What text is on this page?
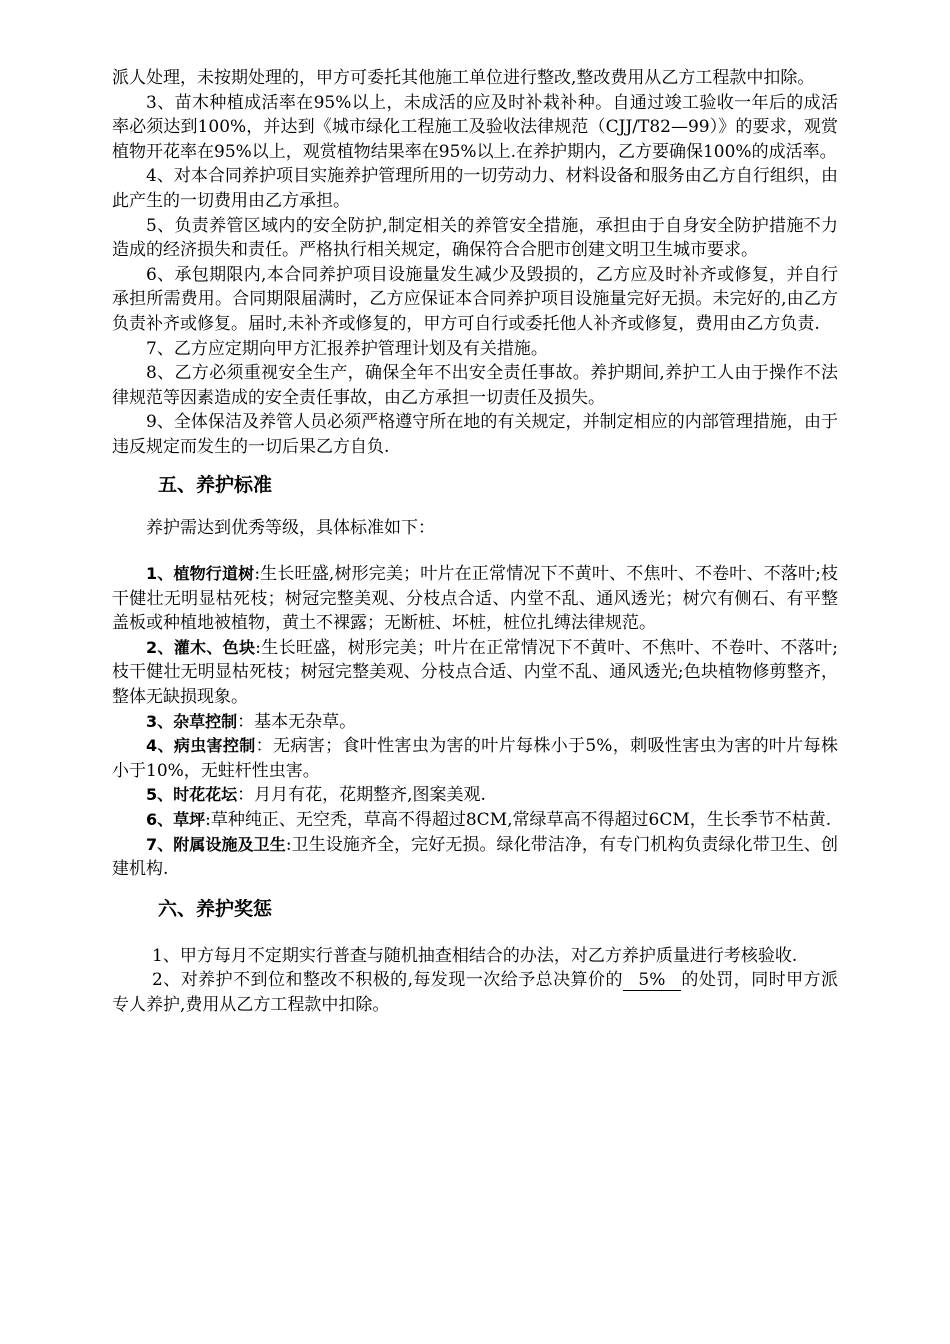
派人处理，未按期处理的，甲方可委托其他施工单位进行整改,整改费用从乙方工程款中扣除。

3、苗木种植成活率在95%以上，未成活的应及时补栽补种。自通过竣工验收一年后的成活率必须达到100%，并达到《城市绿化工程施工及验收法律规范（CJJ/T82—99）》的要求，观赏植物开花率在95%以上，观赏植物结果率在95%以上.在养护期内，乙方要确保100%的成活率。

4、对本合同养护项目实施养护管理所用的一切劳动力、材料设备和服务由乙方自行组织，由此产生的一切费用由乙方承担。

5、负责养管区域内的安全防护,制定相关的养管安全措施，承担由于自身安全防护措施不力造成的经济损失和责任。严格执行相关规定，确保符合合肥市创建文明卫生城市要求。

6、承包期限内,本合同养护项目设施量发生减少及毁损的，乙方应及时补齐或修复，并自行承担所需费用。合同期限届满时，乙方应保证本合同养护项目设施量完好无损。未完好的,由乙方负责补齐或修复。届时,未补齐或修复的，甲方可自行或委托他人补齐或修复，费用由乙方负责.

7、乙方应定期向甲方汇报养护管理计划及有关措施。

8、乙方必须重视安全生产，确保全年不出安全责任事故。养护期间,养护工人由于操作不法律规范等因素造成的安全责任事故，由乙方承担一切责任及损失。

9、全体保洁及养管人员必须严格遵守所在地的有关规定，并制定相应的内部管理措施，由于违反规定而发生的一切后果乙方自负.

五、养护标准

养护需达到优秀等级，具体标准如下：

1、植物行道树:生长旺盛,树形完美；叶片在正常情况下不黄叶、不焦叶、不卷叶、不落叶;枝干健壮无明显枯死枝；树冠完整美观、分枝点合适、内堂不乱、通风透光；树穴有侧石、有平整盖板或种植地被植物，黄土不裸露；无断桩、坏桩，桩位扎缚法律规范。

2、灌木、色块:生长旺盛，树形完美；叶片在正常情况下不黄叶、不焦叶、不卷叶、不落叶;枝干健壮无明显枯死枝；树冠完整美观、分枝点合适、内堂不乱、通风透光;色块植物修剪整齐，整体无缺损现象。

3、杂草控制：基本无杂草。

4、病虫害控制：无病害；食叶性害虫为害的叶片每株小于5%，刺吸性害虫为害的叶片每株小于10%，无蛀杆性虫害。

5、时花花坛：月月有花，花期整齐,图案美观.

6、草坪:草种纯正、无空秃，草高不得超过8CM,常绿草高不得超过6CM，生长季节不枯黄.

7、附属设施及卫生:卫生设施齐全，完好无损。绿化带洁净，有专门机构负责绿化带卫生、创建机构.

六、养护奖惩

1、甲方每月不定期实行普查与随机抽查相结合的办法，对乙方养护质量进行考核验收.

2、对养护不到位和整改不积极的,每发现一次给予总决算价的 5% 的处罚，同时甲方派专人养护,费用从乙方工程款中扣除。
